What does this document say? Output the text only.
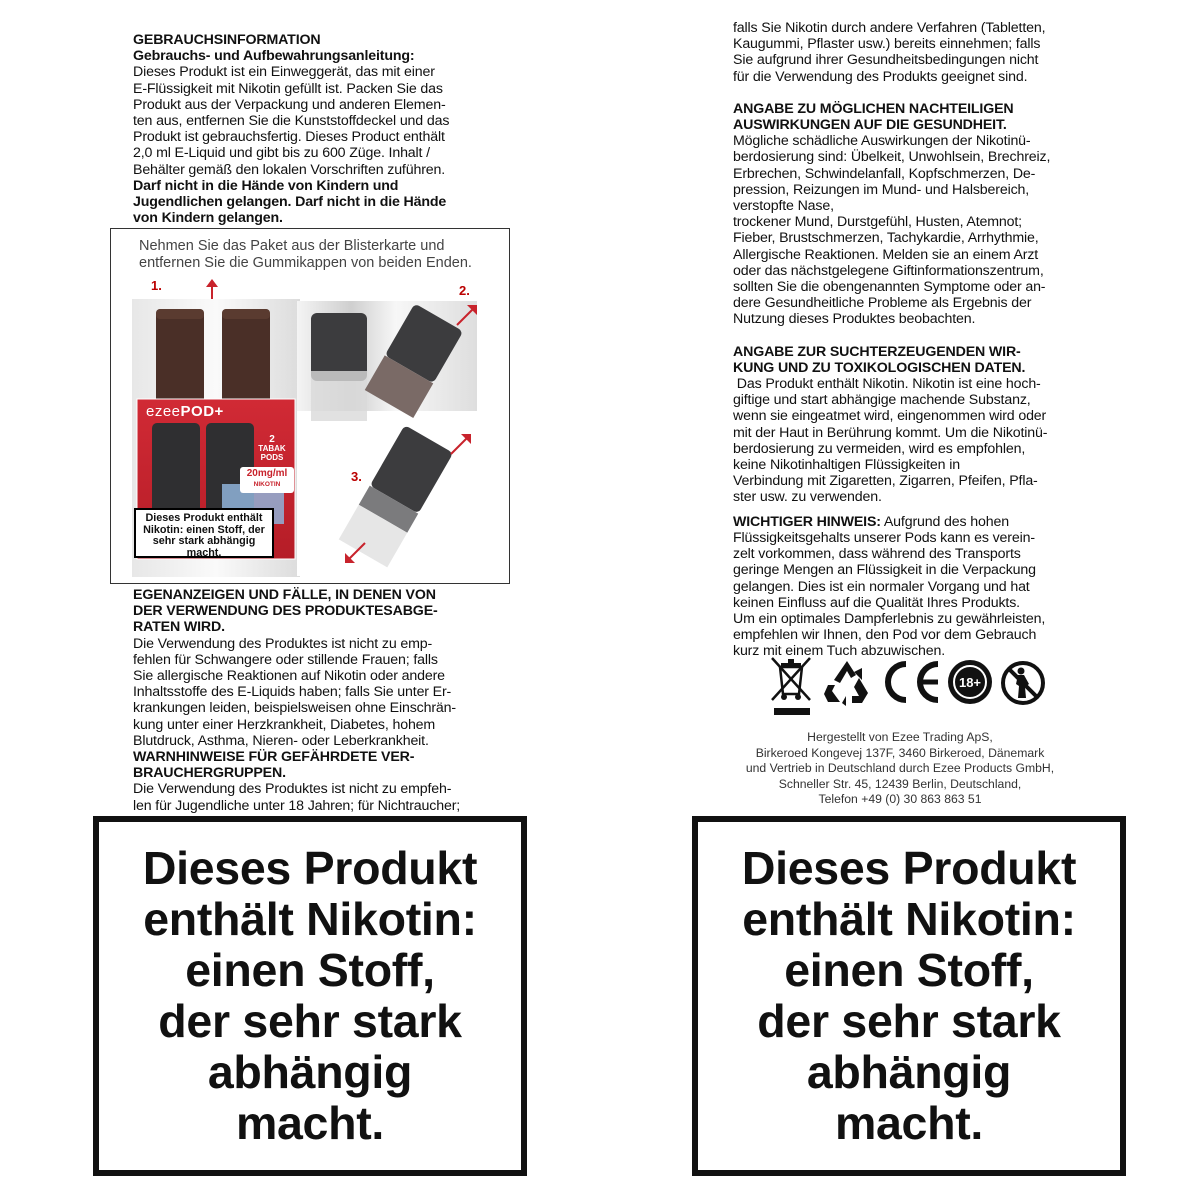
GEBRAUCHSINFORMATION

Gebrauchs- und Aufbewahrungsanleitung:

Dieses Produkt ist ein Einweggerät, das mit einer

E-Flüssigkeit mit Nikotin gefüllt ist. Packen Sie das

Produkt aus der Verpackung und anderen Elemen-

ten aus, entfernen Sie die Kunststoffdeckel und das

Produkt ist gebrauchsfertig. Dieses Product enthält

2,0 ml E-Liquid und gibt bis zu 600 Züge. Inhalt /

Behälter gemäß den lokalen Vorschriften zuführen.

Darf nicht in die Hände von Kindern und

Jugendlichen gelangen. Darf nicht in die Hände

von Kindern gelangen.

Nehmen Sie das Paket aus der Blisterkarte und

entfernen Sie die Gummikappen von beiden Enden.

1.
ezeePOD+
2
TABAK
PODS
20mg/ml
NIKOTIN
2.
3.
Dieses Produkt enthält
Nikotin: einen Stoff, der
sehr stark abhängig
macht.

EGENANZEIGEN UND FÄLLE, IN DENEN VON

DER VERWENDUNG DES PRODUKTESABGE-

RATEN WIRD.

Die Verwendung des Produktes ist nicht zu emp-

fehlen für Schwangere oder stillende Frauen; falls

Sie allergische Reaktionen auf Nikotin oder andere

Inhaltsstoffe des E-Liquids haben; falls Sie unter Er-

krankungen leiden, beispielsweisen ohne Einschrän-

kung unter einer Herzkrankheit, Diabetes, hohem

Blutdruck, Asthma, Nieren- oder Leberkrankheit.

WARNHINWEISE FÜR GEFÄHRDETE VER-

BRAUCHERGRUPPEN.

Die Verwendung des Produktes ist nicht zu empfeh-

len für Jugendliche unter 18 Jahren; für Nichtraucher;

falls Sie Nikotin durch andere Verfahren (Tabletten,

Kaugummi, Pflaster usw.) bereits einnehmen; falls

Sie aufgrund ihrer Gesundheitsbedingungen nicht

für die Verwendung des Produkts geeignet sind.

ANGABE ZU MÖGLICHEN NACHTEILIGEN

AUSWIRKUNGEN AUF DIE GESUNDHEIT.

Mögliche schädliche Auswirkungen der Nikotinü-

berdosierung sind: Übelkeit, Unwohlsein, Brechreiz,

Erbrechen, Schwindelanfall, Kopfschmerzen, De-

pression, Reizungen im Mund- und Halsbereich,

verstopfte Nase,

trockener Mund, Durstgefühl, Husten, Atemnot;

Fieber, Brustschmerzen, Tachykardie, Arrhythmie,

Allergische Reaktionen. Melden sie an einem Arzt

oder das nächstgelegene Giftinformationszentrum,

sollten Sie die obengenannten Symptome oder an-

dere Gesundheitliche Probleme als Ergebnis der

Nutzung dieses Produktes beobachten.

ANGABE ZUR SUCHTERZEUGENDEN WIR-

KUNG UND ZU TOXIKOLOGISCHEN DATEN.

Das Produkt enthält Nikotin. Nikotin ist eine hoch-

giftige und start abhängige machende Substanz,

wenn sie eingeatmet wird, eingenommen wird oder

mit der Haut in Berührung kommt. Um die Nikotinü-

berdosierung zu vermeiden, wird es empfohlen,

keine Nikotinhaltigen Flüssigkeiten in

Verbindung mit Zigaretten, Zigarren, Pfeifen, Pfla-

ster usw. zu verwenden.

WICHTIGER HINWEIS: Aufgrund des hohen

Flüssigkeitsgehalts unserer Pods kann es verein-

zelt vorkommen, dass während des Transports

geringe Mengen an Flüssigkeit in die Verpackung

gelangen. Dies ist ein normaler Vorgang und hat

keinen Einfluss auf die Qualität Ihres Produkts.

Um ein optimales Dampferlebnis zu gewährleisten,

empfehlen wir Ihnen, den Pod vor dem Gebrauch

kurz mit einem Tuch abzuwischen.

18+
Hergestellt von Ezee Trading ApS,
Birkeroed Kongevej 137F, 3460 Birkeroed, Dänemark
und Vertrieb in Deutschland durch Ezee Products GmbH,
Schneller Str. 45, 12439 Berlin, Deutschland,
Telefon +49 (0) 30 863 863 51
Dieses Produkt
enthält Nikotin:
einen Stoff,
der sehr stark
abhängig
macht.
Dieses Produkt
enthält Nikotin:
einen Stoff,
der sehr stark
abhängig
macht.
